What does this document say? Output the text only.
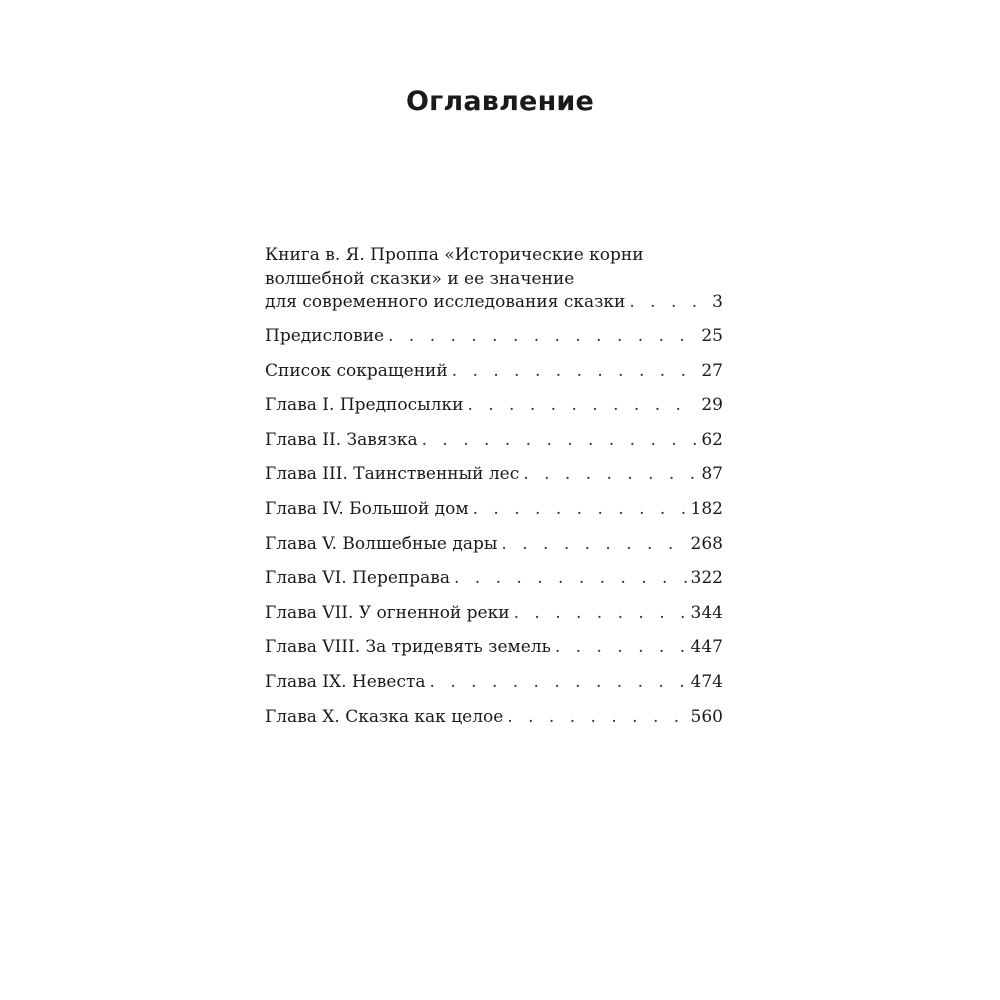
Оглавление
Книга в. Я. Проппа «Исторические корни
волшебной сказки» и ее значение
для современного исследования сказки . . .	3
Предисловие . . .	25
Список сокращений . . .	27
Глава I. Предпосылки . . .	29
Глава II. Завязка . . .	62
Глава III. Таинственный лес . . .	87
Глава IV. Большой дом . . .	182
Глава V. Волшебные дары . . .	268
Глава VI. Переправа . . .	322
Глава VII. У огненной реки . . .	344
Глава VIII. За тридевять земель . . .	447
Глава IX. Невеста . . .	474
Глава X. Сказка как целое . . .	560
